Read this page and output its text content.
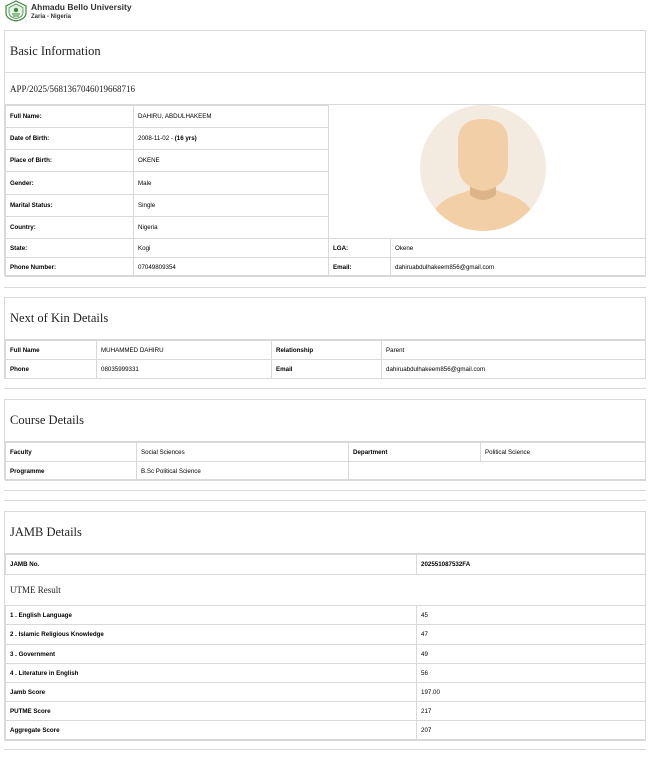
Ahmadu Bello University
Zaria - Nigeria
Basic Information
APP/2025/5681367046019668716
Full Name:	DAHIRU, ABDULHAKEEM
Date of Birth:	2008-11-02 - (16 yrs)
Place of Birth:	OKENE
Gender:	Male
Marital Status:	Single
Country:	Nigeria
State:	Kogi	LGA:	Okene
Phone Number:	07049809354	Email:	dahiruabdulhakeem856@gmail.com
Next of Kin Details
Full Name	MUHAMMED DAHIRU	Relationship	Parent
Phone	08035999331	Email	dahiruabdulhakeem856@gmail.com
Course Details
Faculty	Social Sciences	Department	Political Science
Programme	B.Sc Political Science		
JAMB Details
JAMB No.	202551087532FA
UTME Result
1 . English Language	45
2 . Islamic Religious Knowledge	47
3 . Government	49
4 . Literature in English	56
Jamb Score	197.00
PUTME Score	217
Aggregate Score	207
